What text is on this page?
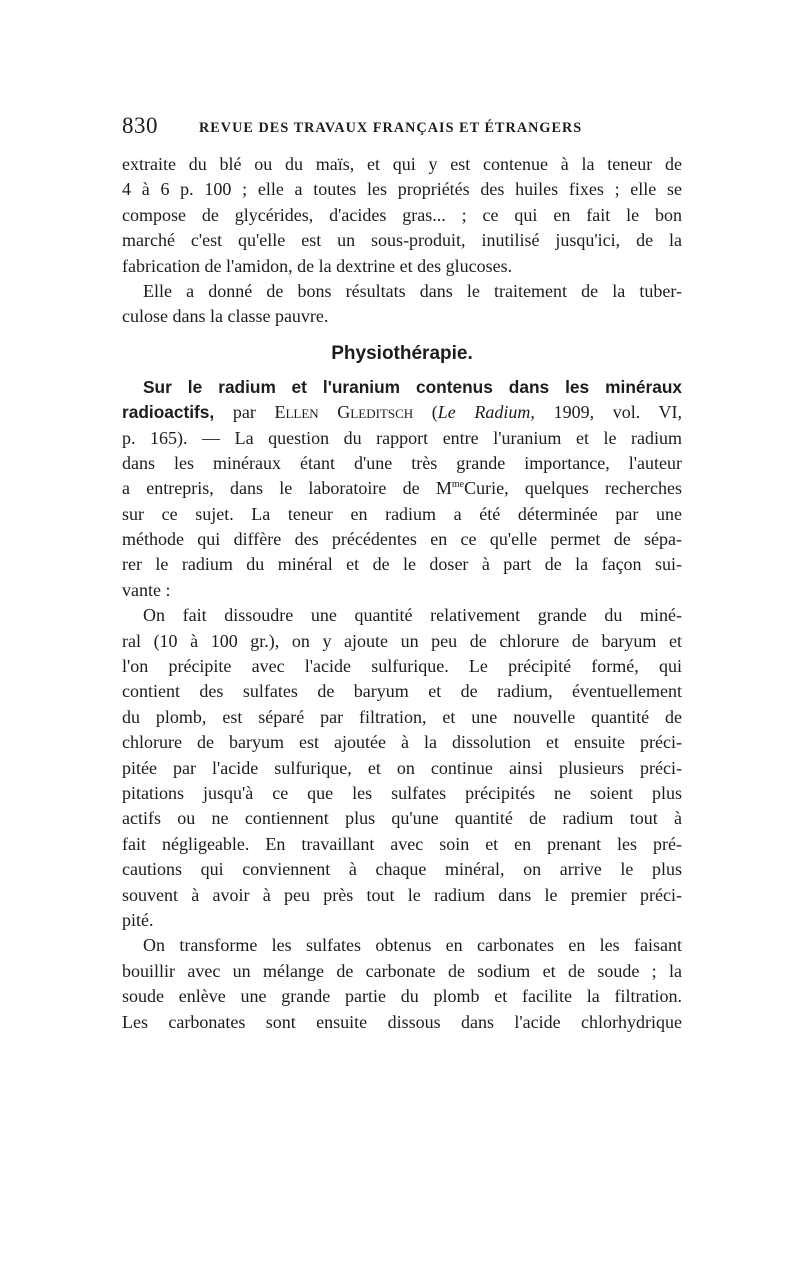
830	REVUE DES TRAVAUX FRANÇAIS ET ÉTRANGERS
extraite du blé ou du maïs, et qui y est contenue à la teneur de
4 à 6 p. 100 ; elle a toutes les propriétés des huiles fixes ; elle se
compose de glycérides, d'acides gras... ; ce qui en fait le bon
marché c'est qu'elle est un sous-produit, inutilisé jusqu'ici, de la
fabrication de l'amidon, de la dextrine et des glucoses.
Elle a donné de bons résultats dans le traitement de la tuber-
culose dans la classe pauvre.
Physiothérapie.
Sur le radium et l'uranium contenus dans les minéraux
radioactifs, par Ellen Gleditsch (Le Radium, 1909, vol. VI,
p. 165). — La question du rapport entre l'uranium et le radium
dans les minéraux étant d'une très grande importance, l'auteur
a entrepris, dans le laboratoire de $M^{me}Curie$, quelques recherches
sur ce sujet. La teneur en radium a été déterminée par une
méthode qui diffère des précédentes en ce qu'elle permet de sépa-
rer le radium du minéral et de le doser à part de la façon sui-
vante :
On fait dissoudre une quantité relativement grande du miné-
ral (10 à 100 gr.), on y ajoute un peu de chlorure de baryum et
l'on précipite avec l'acide sulfurique. Le précipité formé, qui
contient des sulfates de baryum et de radium, éventuellement
du plomb, est séparé par filtration, et une nouvelle quantité de
chlorure de baryum est ajoutée à la dissolution et ensuite préci-
pitée par l'acide sulfurique, et on continue ainsi plusieurs préci-
pitations jusqu'à ce que les sulfates précipités ne soient plus
actifs ou ne contiennent plus qu'une quantité de radium tout à
fait négligeable. En travaillant avec soin et en prenant les pré-
cautions qui conviennent à chaque minéral, on arrive le plus
souvent à avoir à peu près tout le radium dans le premier préci-
pité.
On transforme les sulfates obtenus en carbonates en les faisant
bouillir avec un mélange de carbonate de sodium et de soude ; la
soude enlève une grande partie du plomb et facilite la filtration.
Les carbonates sont ensuite dissous dans l'acide chlorhydrique
